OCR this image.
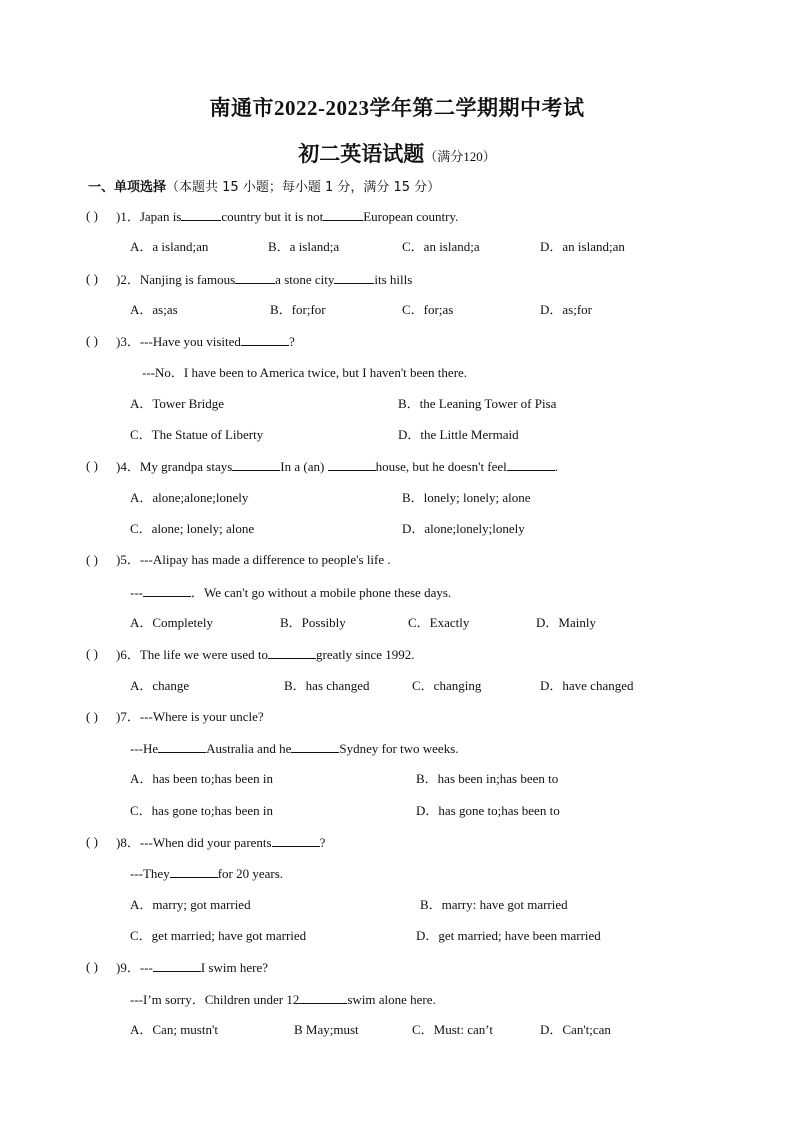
南通市2022-2023学年第二学期期中考试
初二英语试题（满分120）
一、单项选择（本题共 15 小题；每小题 1 分，满分 15 分）
( ) )1．Japan is	country but it is not	European country.
A．a island;an	B．a island;a	C．an island;a	D．an island;an
( ) )2．Nanjing is famous	a stone city	its hills
A．as;as	B．for;for	C．for;as	D．as;for
( ) )3．---Have you visited	?
---No．I have been to America twice, but I haven't been there.
A．Tower Bridge	B．the Leaning Tower of Pisa
C．The Statue of Liberty	D．the Little Mermaid
( ) )4．My grandpa stays	In a (an)	house, but he doesn't feel	.
A．alone;alone;lonely	B．lonely; lonely; alone
C．alone; lonely; alone	D．alone;lonely;lonely
( ) )5．---Alipay has made a difference to people's life .
---	．We can't go without a mobile phone these days.
A．Completely	B．Possibly	C．Exactly	D．Mainly
( ) )6．The life we were used to	greatly since 1992.
A．change	B．has changed	C．changing	D．have changed
( ) )7．---Where is your uncle?
---He	Australia and he	Sydney for two weeks.
A．has been to;has been in	B．has been in;has been to
C．has gone to;has been in	D．has gone to;has been to
( ) )8．---When did your parents	?
---They	for 20 years.
A．marry; got married	B．marry: have got married
C．get married; have got married	D．get married; have been married
( ) )9．---	I swim here?
---I’m sorry．Children under 12	swim alone here.
A．Can; mustn't	B May;must	C．Must: can’t	D．Can't;can
